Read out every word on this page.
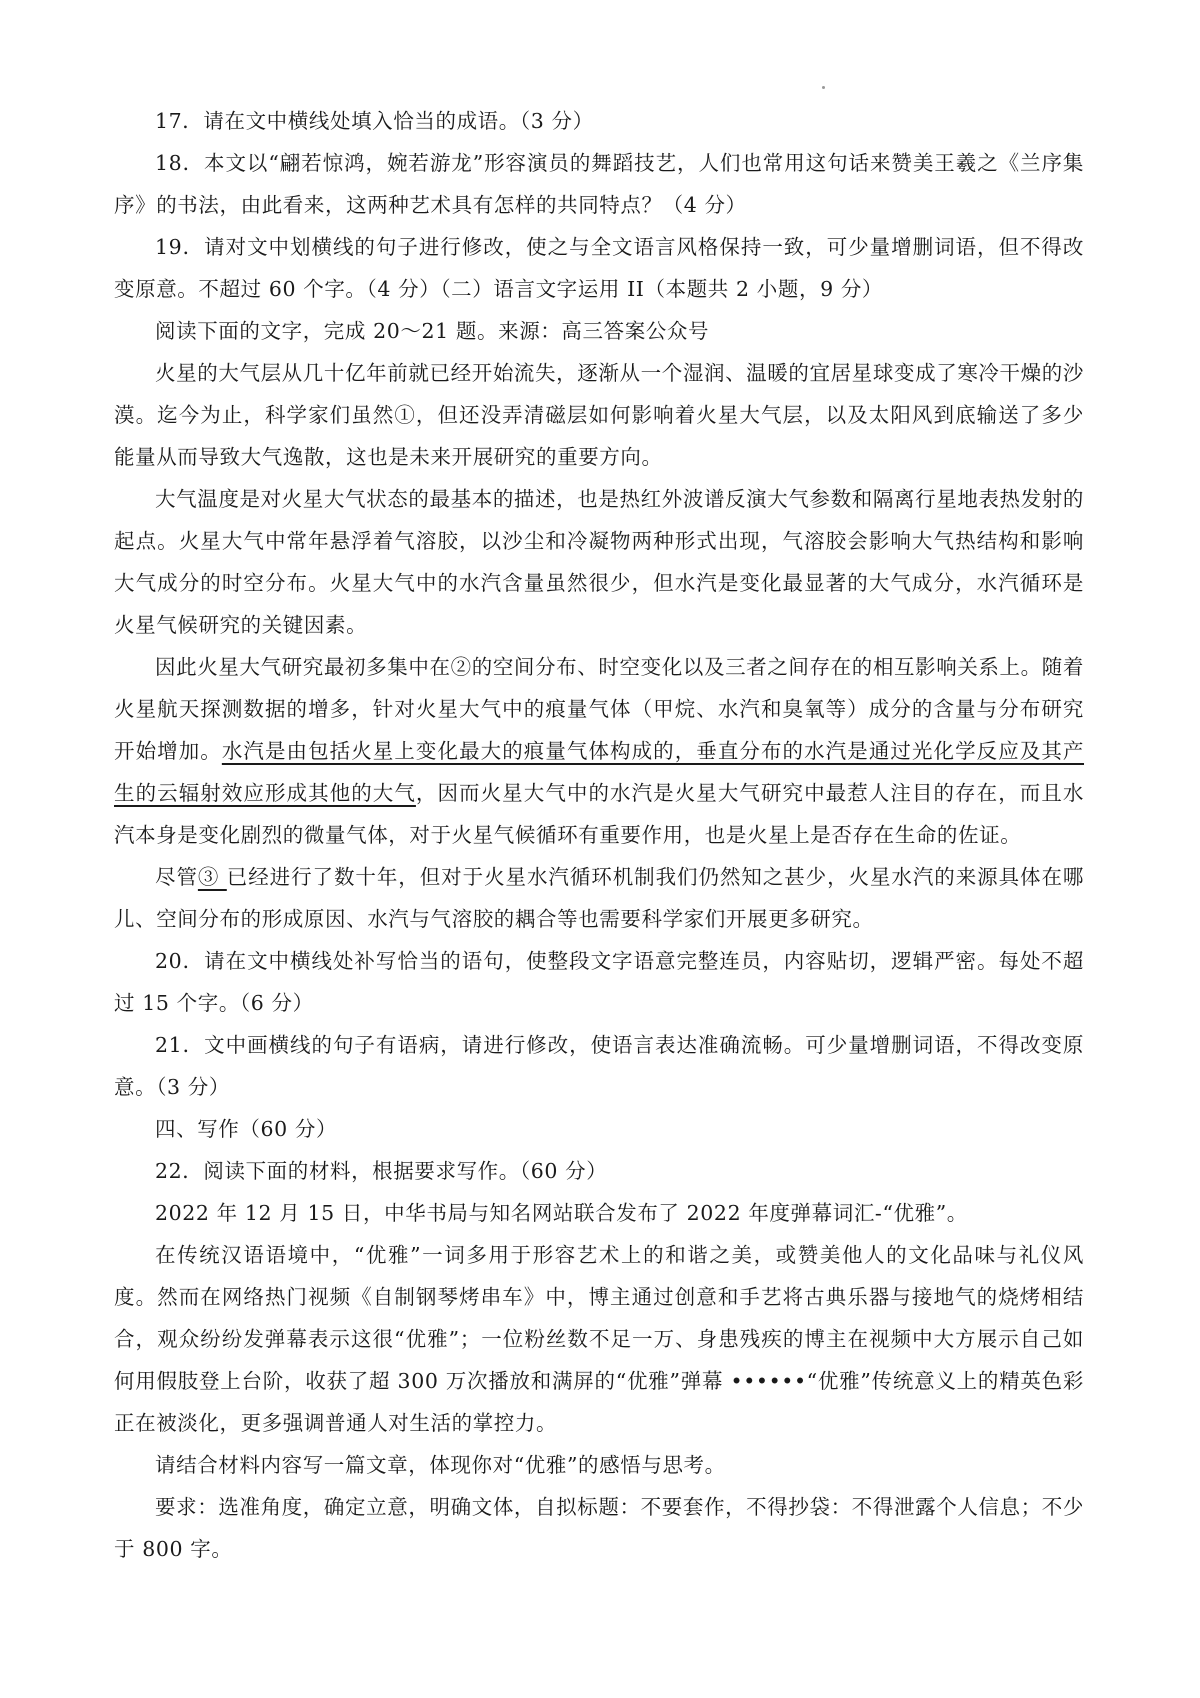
17．请在文中横线处填入恰当的成语。（3 分）

18．本文以“翩若惊鸿，婉若游龙”形容演员的舞蹈技艺，人们也常用这句话来赞美王羲之《兰序集序》的书法，由此看来，这两种艺术具有怎样的共同特点？（4 分）

19．请对文中划横线的句子进行修改，使之与全文语言风格保持一致，可少量增删词语，但不得改变原意。不超过 60 个字。（4 分）（二）语言文字运用 II（本题共 2 小题，9 分）

阅读下面的文字，完成 20～21 题。来源：高三答案公众号

火星的大气层从几十亿年前就已经开始流失，逐渐从一个湿润、温暖的宜居星球变成了寒冷干燥的沙漠。迄今为止，科学家们虽然①，但还没弄清磁层如何影响着火星大气层，以及太阳风到底输送了多少能量从而导致大气逸散，这也是未来开展研究的重要方向。

大气温度是对火星大气状态的最基本的描述，也是热红外波谱反演大气参数和隔离行星地表热发射的起点。火星大气中常年悬浮着气溶胶，以沙尘和冷凝物两种形式出现，气溶胶会影响大气热结构和影响大气成分的时空分布。火星大气中的水汽含量虽然很少，但水汽是变化最显著的大气成分，水汽循环是火星气候研究的关键因素。

因此火星大气研究最初多集中在②的空间分布、时空变化以及三者之间存在的相互影响关系上。随着火星航天探测数据的增多，针对火星大气中的痕量气体（甲烷、水汽和臭氧等）成分的含量与分布研究开始增加。水汽是由包括火星上变化最大的痕量气体构成的，垂直分布的水汽是通过光化学反应及其产生的云辐射效应形成其他的大气，因而火星大气中的水汽是火星大气研究中最惹人注目的存在，而且水汽本身是变化剧烈的微量气体，对于火星气候循环有重要作用，也是火星上是否存在生命的佐证。

尽管③ 已经进行了数十年，但对于火星水汽循环机制我们仍然知之甚少，火星水汽的来源具体在哪儿、空间分布的形成原因、水汽与气溶胶的耦合等也需要科学家们开展更多研究。

20．请在文中横线处补写恰当的语句，使整段文字语意完整连员，内容贴切，逻辑严密。每处不超过 15 个字。（6 分）

21．文中画横线的句子有语病，请进行修改，使语言表达准确流畅。可少量增删词语，不得改变原意。（3 分）

四、写作（60 分）

22．阅读下面的材料，根据要求写作。（60 分）

2022 年 12 月 15 日，中华书局与知名网站联合发布了 2022 年度弹幕词汇-“优雅”。

在传统汉语语境中，“优雅”一词多用于形容艺术上的和谐之美，或赞美他人的文化品味与礼仪风度。然而在网络热门视频《自制钢琴烤串车》中，博主通过创意和手艺将古典乐器与接地气的烧烤相结合，观众纷纷发弹幕表示这很“优雅”；一位粉丝数不足一万、身患残疾的博主在视频中大方展示自己如何用假肢登上台阶，收获了超 300 万次播放和满屏的“优雅”弹幕 ••••••“优雅”传统意义上的精英色彩正在被淡化，更多强调普通人对生活的掌控力。

请结合材料内容写一篇文章，体现你对“优雅”的感悟与思考。

要求：选准角度，确定立意，明确文体，自拟标题：不要套作，不得抄袋：不得泄露个人信息；不少于 800 字。
